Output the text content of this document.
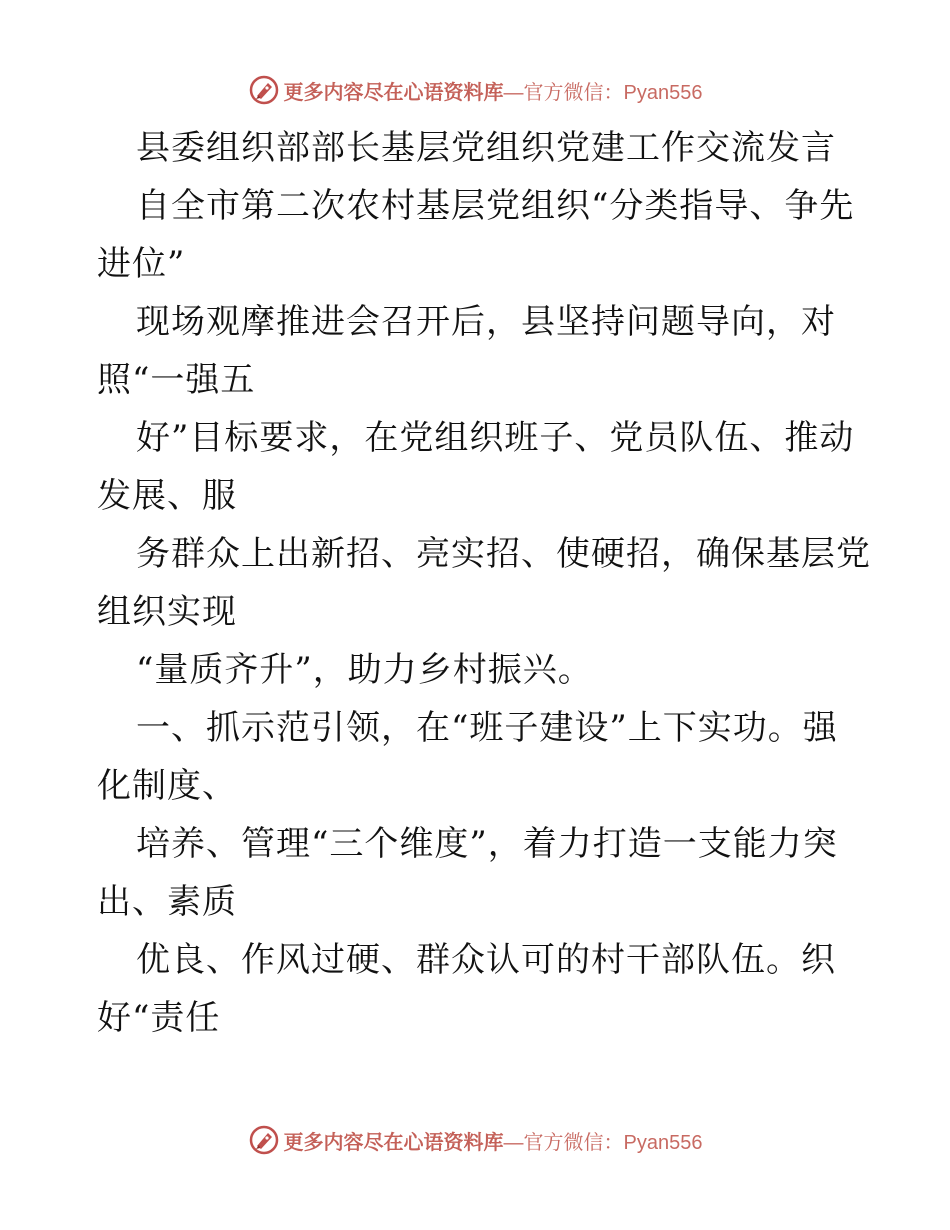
更多内容尽在心语资料库—官方微信：Pyan556
县委组织部部长基层党组织党建工作交流发言
自全市第二次农村基层党组织“分类指导、争先
进位”
现场观摩推进会召开后，县坚持问题导向，对
照“一强五
好”目标要求，在党组织班子、党员队伍、推动
发展、服
务群众上出新招、亮实招、使硬招，确保基层党
组织实现
“量质齐升”，助力乡村振兴。
一、抓示范引领，在“班子建设”上下实功。强
化制度、
培养、管理“三个维度”，着力打造一支能力突
出、素质
优良、作风过硬、群众认可的村干部队伍。织
好“责任
更多内容尽在心语资料库—官方微信：Pyan556
